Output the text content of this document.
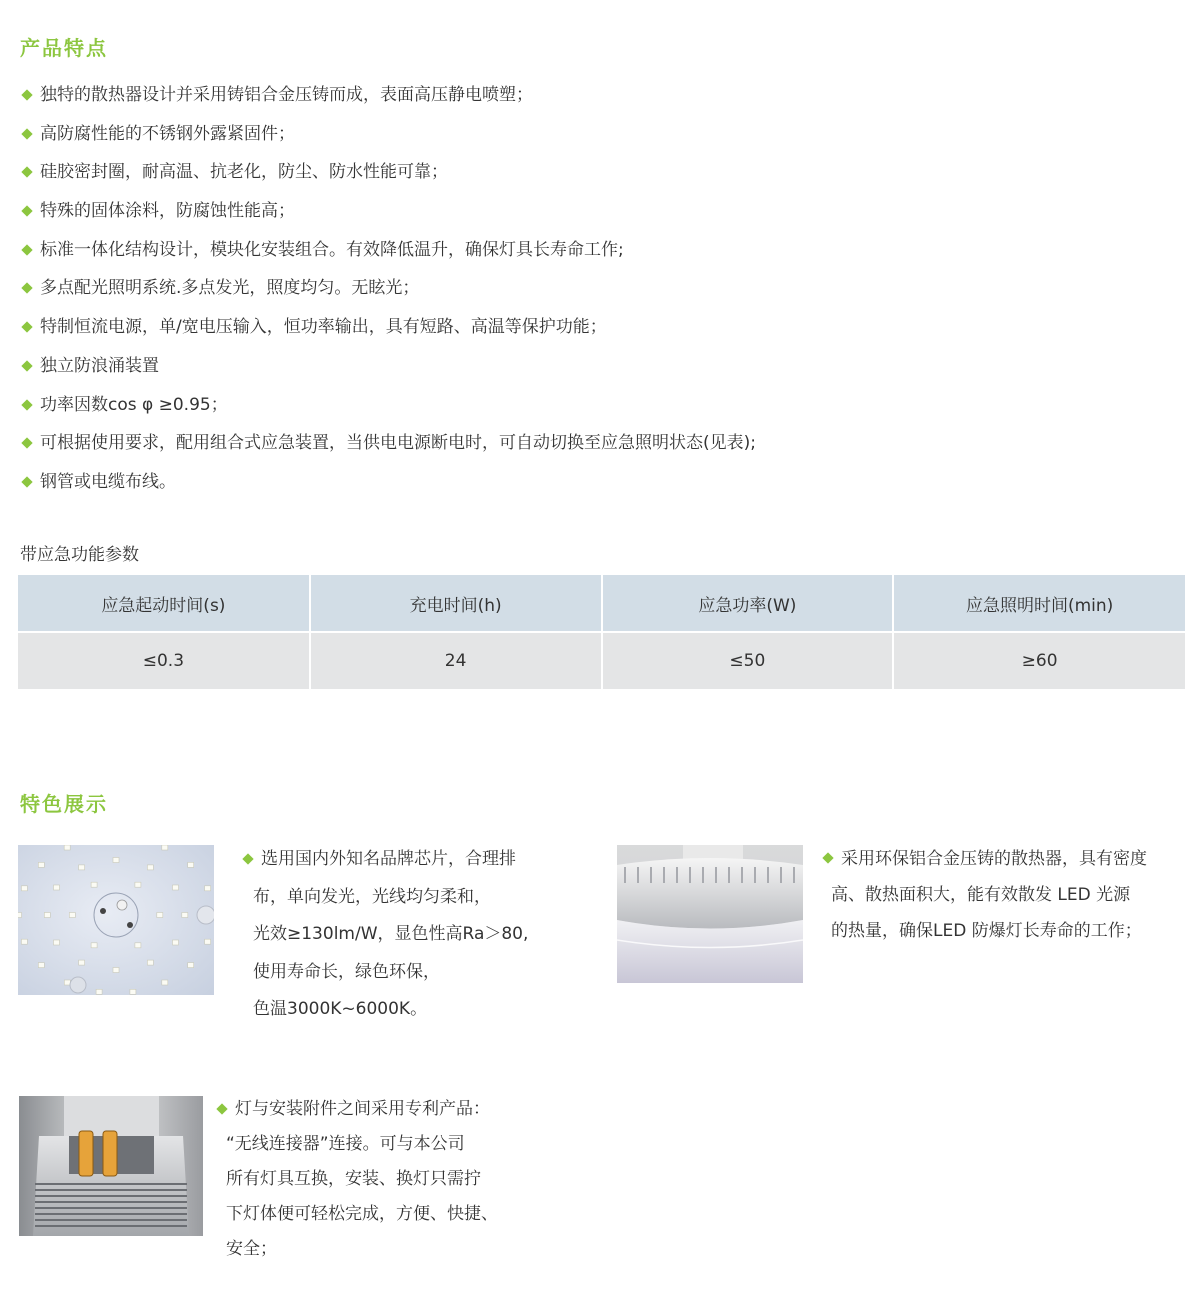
产品特点
独特的散热器设计并采用铸铝合金压铸而成，表面高压静电喷塑；
高防腐性能的不锈钢外露紧固件；
硅胶密封圈，耐高温、抗老化，防尘、防水性能可靠；
特殊的固体涂料，防腐蚀性能高；
标准一体化结构设计，模块化安装组合。有效降低温升，确保灯具长寿命工作;
多点配光照明系统.多点发光，照度均匀。无眩光；
特制恒流电源，单/宽电压输入，恒功率输出，具有短路、高温等保护功能；
独立防浪涌装置
功率因数cos φ ≥0.95；
可根据使用要求，配用组合式应急装置，当供电电源断电时，可自动切换至应急照明状态(见表);
钢管或电缆布线。

带应急功能参数

应急起动时间(s)	充电时间(h)	应急功率(W)	应急照明时间(min)
≤0.3	24	≤50	≥60
特色展示
选用国内外知名品牌芯片，合理排
布，单向发光，光线均匀柔和，
光效≥130lm/W，显色性高Ra＞80,
使用寿命长，绿色环保，
色温3000K~6000K。
采用环保铝合金压铸的散热器，具有密度
高、散热面积大，能有效散发 LED 光源
的热量，确保LED 防爆灯长寿命的工作；
灯与安装附件之间采用专利产品：
“无线连接器”连接。可与本公司
所有灯具互换，安装、换灯只需拧
下灯体便可轻松完成，方便、快捷、
安全；
